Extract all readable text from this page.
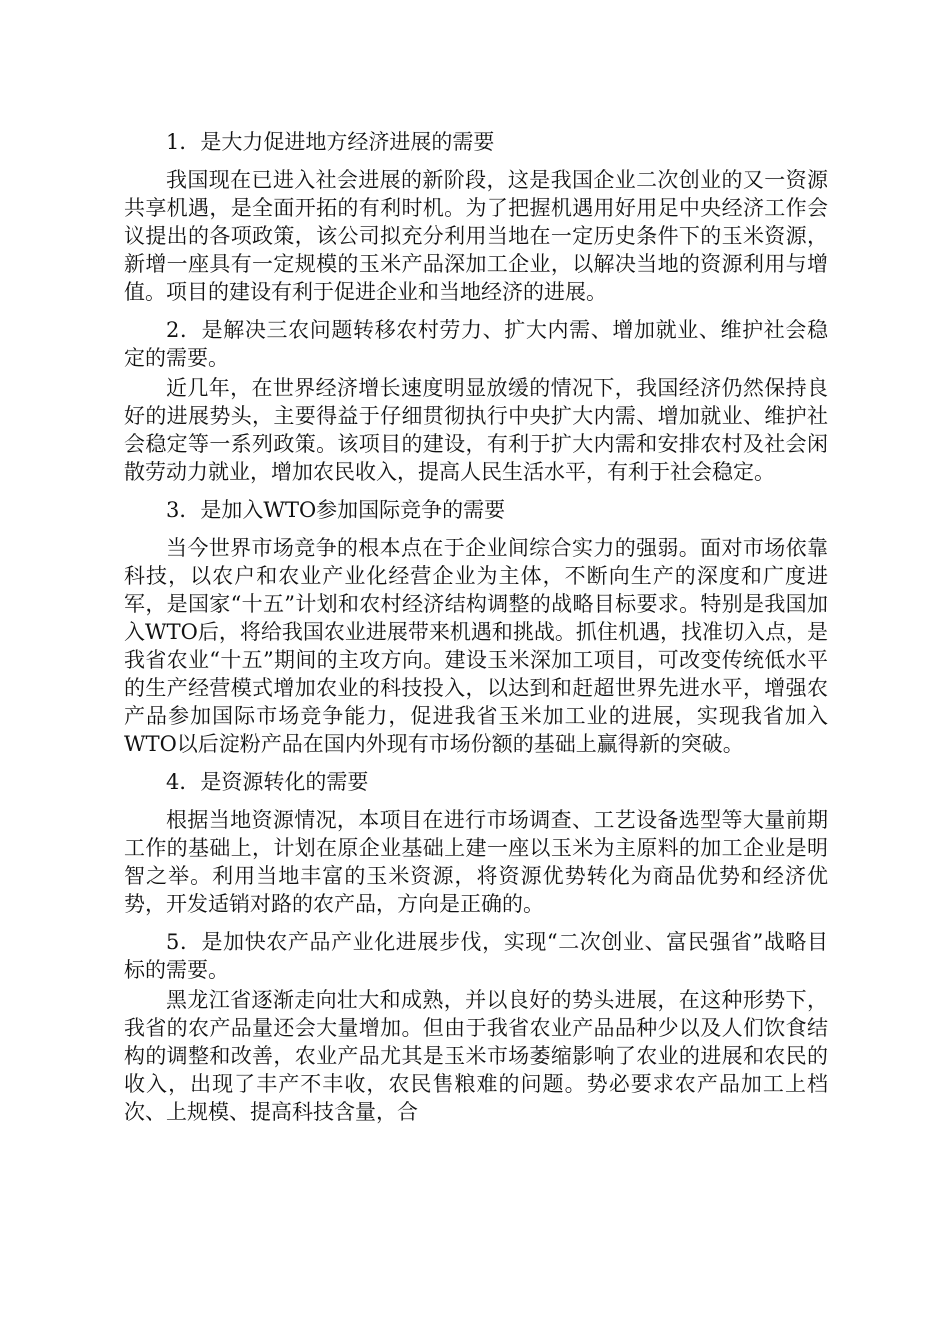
1．是大力促进地方经济进展的需要

我国现在已进入社会进展的新阶段，这是我国企业二次创业的又一资源共享机遇，是全面开拓的有利时机。为了把握机遇用好用足中央经济工作会议提出的各项政策，该公司拟充分利用当地在一定历史条件下的玉米资源，新增一座具有一定规模的玉米产品深加工企业，以解决当地的资源利用与增值。项目的建设有利于促进企业和当地经济的进展。

2．是解决三农问题转移农村劳力、扩大内需、增加就业、维护社会稳定的需要。

近几年，在世界经济增长速度明显放缓的情况下，我国经济仍然保持良好的进展势头，主要得益于仔细贯彻执行中央扩大内需、增加就业、维护社会稳定等一系列政策。该项目的建设，有利于扩大内需和安排农村及社会闲散劳动力就业，增加农民收入，提高人民生活水平，有利于社会稳定。

3．是加入WTO参加国际竞争的需要

当今世界市场竞争的根本点在于企业间综合实力的强弱。面对市场依靠科技，以农户和农业产业化经营企业为主体，不断向生产的深度和广度进军，是国家“十五”计划和农村经济结构调整的战略目标要求。特别是我国加入WTO后，将给我国农业进展带来机遇和挑战。抓住机遇，找准切入点，是我省农业“十五”期间的主攻方向。建设玉米深加工项目，可改变传统低水平的生产经营模式增加农业的科技投入，以达到和赶超世界先进水平，增强农产品参加国际市场竞争能力，促进我省玉米加工业的进展，实现我省加入WTO以后淀粉产品在国内外现有市场份额的基础上赢得新的突破。

4．是资源转化的需要

根据当地资源情况，本项目在进行市场调查、工艺设备选型等大量前期工作的基础上，计划在原企业基础上建一座以玉米为主原料的加工企业是明智之举。利用当地丰富的玉米资源，将资源优势转化为商品优势和经济优势，开发适销对路的农产品，方向是正确的。

5．是加快农产品产业化进展步伐，实现“二次创业、富民强省”战略目标的需要。

黑龙江省逐渐走向壮大和成熟，并以良好的势头进展，在这种形势下，我省的农产品量还会大量增加。但由于我省农业产品品种少以及人们饮食结构的调整和改善，农业产品尤其是玉米市场萎缩影响了农业的进展和农民的收入，出现了丰产不丰收，农民售粮难的问题。势必要求农产品加工上档次、上规模、提高科技含量，合
